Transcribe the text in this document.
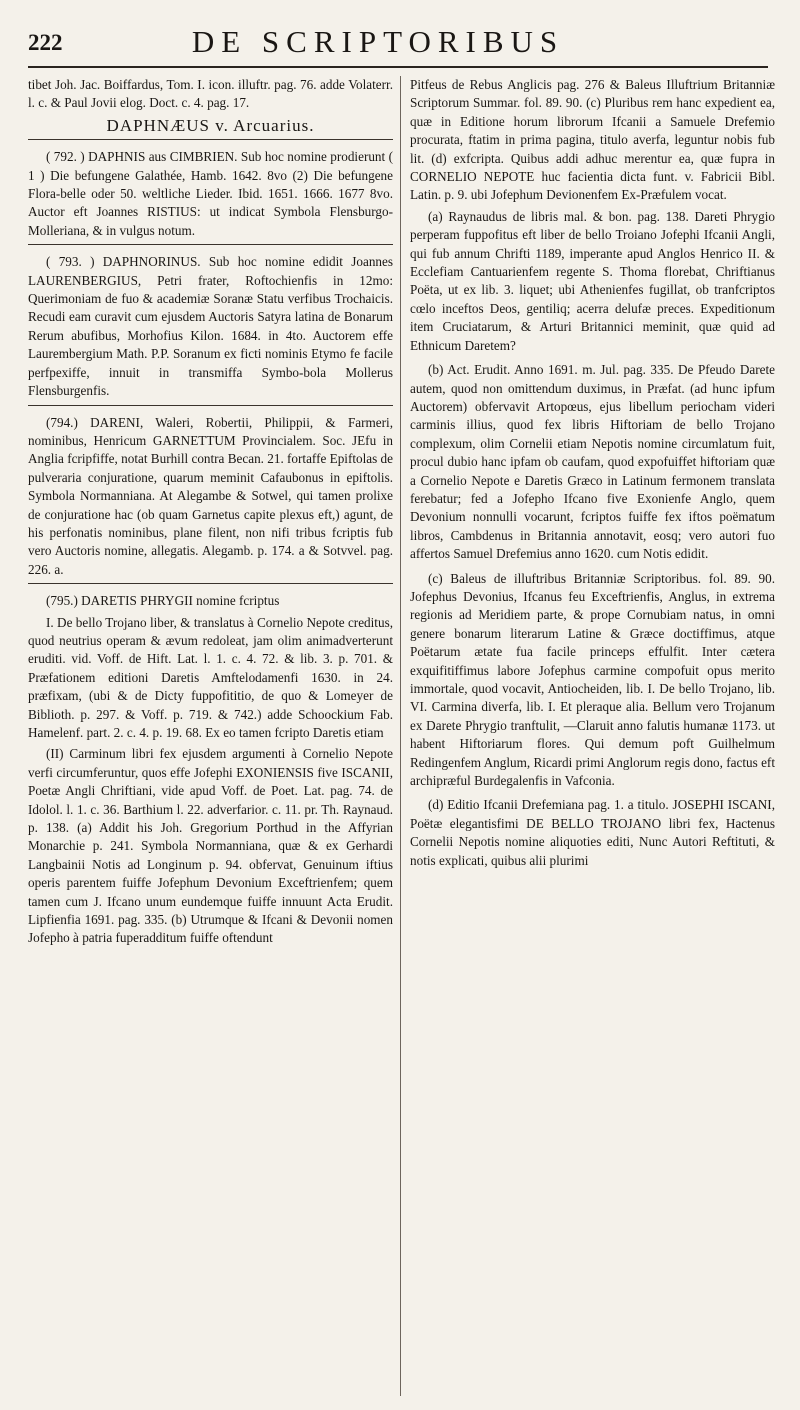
222	DE SCRIPTORIBUS

tibet Joh. Jac. Boiffardus, Tom. I. icon. illuftr. pag. 76. adde Volaterr. l. c. & Paul Jovii elog. Doct. c. 4. pag. 17.

DAPHNÆUS v. Arcuarius.

( 792. ) DAPHNIS aus CIMBRIEN. Sub hoc nomine prodierunt ( 1 ) Die befungene Galathée, Hamb. 1642. 8vo (2) Die befungene Flora-belle oder 50. weltliche Lieder. Ibid. 1651. 1666. 1677 8vo. Auctor eft Joannes RISTIUS: ut indicat Symbola Flensburgo-Molleriana, & in vulgus notum.

( 793. ) DAPHNORINUS. Sub hoc nomine edidit Joannes LAURENBERGIUS, Petri frater, Roftochienfis in 12mo: Querimoniam de fuo & academiæ Soranæ Statu verfibus Trochaicis. Recudi eam curavit cum ejusdem Auctoris Satyra latina de Bonarum Rerum abufibus, Morhofius Kilon. 1684. in 4to. Auctorem effe Laurembergium Math. P.P. Soranum ex ficti nominis Etymo fe facile perfpexiffe, innuit in transmiffa Symbo-bola Mollerus Flensburgenfis.

(794.) DARENI, Waleri, Robertii, Philippii, & Farmeri, nominibus, Henricum GARNETTUM Provincialem. Soc. JEfu in Anglia fcripfiffe, notat Burhill contra Becan. 21. fortaffe Epiftolas de pulveraria conjuratione, quarum meminit Cafaubonus in epiftolis. Symbola Normanniana. At Alegambe & Sotwel, qui tamen prolixe de conjuratione hac (ob quam Garnetus capite plexus eft,) agunt, de his perfonatis nominibus, plane filent, non nifi tribus fcriptis fub vero Auctoris nomine, allegatis. Alegamb. p. 174. a & Sotvvel. pag. 226. a.

(795.) DARETIS PHRYGII nomine fcriptus

I. De bello Trojano liber, & translatus à Cornelio Nepote creditus, quod neutrius operam & ævum redoleat, jam olim animadverterunt eruditi. vid. Voff. de Hift. Lat. l. 1. c. 4. 72. & lib. 3. p. 701. & Præfationem editioni Daretis Amftelodamenfi 1630. in 24. præfixam, (ubi & de Dicty fuppofititio, de quo & Lomeyer de Biblioth. p. 297. & Voff. p. 719. & 742.) adde Schoockium Fab. Hamelenf. part. 2. c. 4. p. 19. 68. Ex eo tamen fcripto Daretis etiam

(II) Carminum libri fex ejusdem argumenti à Cornelio Nepote verfi circumferuntur, quos effe Jofephi EXONIENSIS five ISCANII, Poetæ Angli Chriftiani, vide apud Voff. de Poet. Lat. pag. 74. de Idolol. l. 1. c. 36. Barthium l. 22. adverfarior. c. 11. pr. Th. Raynaud. p. 138. (a) Addit his Joh. Gregorium Porthud in the Affyrian Monarchie p. 241. Symbola Normanniana, quæ & ex Gerhardi Langbainii Notis ad Longinum p. 94. obfervat, Genuinum iftius operis parentem fuiffe Jofephum Devonium Exceftrienfem; quem tamen cum J. Ifcano unum eundemque fuiffe innuunt Acta Erudit. Lipfienfia 1691. pag. 335. (b) Utrumque & Ifcani & Devonii nomen Jofepho à patria fuperadditum fuiffe oftendunt

Pitfeus de Rebus Anglicis pag. 276 & Baleus Illuftrium Britanniæ Scriptorum Summar. fol. 89. 90. (c) Pluribus rem hanc expedient ea, quæ in Editione horum librorum Ifcanii a Samuele Drefemio procurata, ftatim in prima pagina, titulo averfa, leguntur nobis fub lit. (d) exfcripta. Quibus addi adhuc merentur ea, quæ fupra in CORNELIO NEPOTE huc facientia dicta funt. v. Fabricii Bibl. Latin. p. 9. ubi Jofephum Devionenfem Ex-Præfulem vocat.

(a) Raynaudus de libris mal. & bon. pag. 138. Dareti Phrygio perperam fuppofitus eft liber de bello Troiano Jofephi Ifcanii Angli, qui fub annum Chrifti 1189, imperante apud Anglos Henrico II. & Ecclefiam Cantuarienfem regente S. Thoma florebat, Chriftianus Poëta, ut ex lib. 3. liquet; ubi Athenienfes fugillat, ob tranfcriptos cœlo inceftos Deos, gentiliq; acerra delufæ preces. Expeditionum item Cruciatarum, & Arturi Britannici meminit, quæ quid ad Ethnicum Daretem?

(b) Act. Erudit. Anno 1691. m. Jul. pag. 335. De Pfeudo Darete autem, quod non omittendum duximus, in Præfat. (ad hunc ipfum Auctorem) obfervavit Artopœus, ejus libellum periocham videri carminis illius, quod fex libris Hiftoriam de bello Trojano complexum, olim Cornelii etiam Nepotis nomine circumlatum fuit, procul dubio hanc ipfam ob caufam, quod expofuiffet hiftoriam quæ a Cornelio Nepote e Daretis Græco in Latinum fermonem translata ferebatur; fed a Jofepho Ifcano five Exonienfe Anglo, quem Devonium nonnulli vocarunt, fcriptos fuiffe fex iftos poëmatum libros, Cambdenus in Britannia annotavit, eosq; vero autori fuo affertos Samuel Drefemius anno 1620. cum Notis edidit.

(c) Baleus de illuftribus Britanniæ Scriptoribus. fol. 89. 90. Jofephus Devonius, Ifcanus feu Exceftrienfis, Anglus, in extrema regionis ad Meridiem parte, & prope Cornubiam natus, in omni genere bonarum literarum Latine & Græce doctiffimus, atque Poëtarum ætate fua facile princeps effulfit. Inter cætera exquifitiffimus labore Jofephus carmine compofuit opus merito immortale, quod vocavit, Antiocheiden, lib. I. De bello Trojano, lib. VI. Carmina diverfa, lib. I. Et pleraque alia. Bellum vero Trojanum ex Darete Phrygio tranftulit, —Claruit anno falutis humanæ 1173. ut habent Hiftoriarum flores. Qui demum poft Guilhelmum Redingenfem Anglum, Ricardi primi Anglorum regis dono, factus eft archipræful Burdegalenfis in Vafconia.

(d) Editio Ifcanii Drefemiana pag. 1. a titulo. JOSEPHI ISCANI, Poëtæ elegantisfimi DE BELLO TROJANO libri fex, Hactenus Cornelii Nepotis nomine aliquoties editi, Nunc Autori Reftituti, & notis explicati, quibus alii plurimi
